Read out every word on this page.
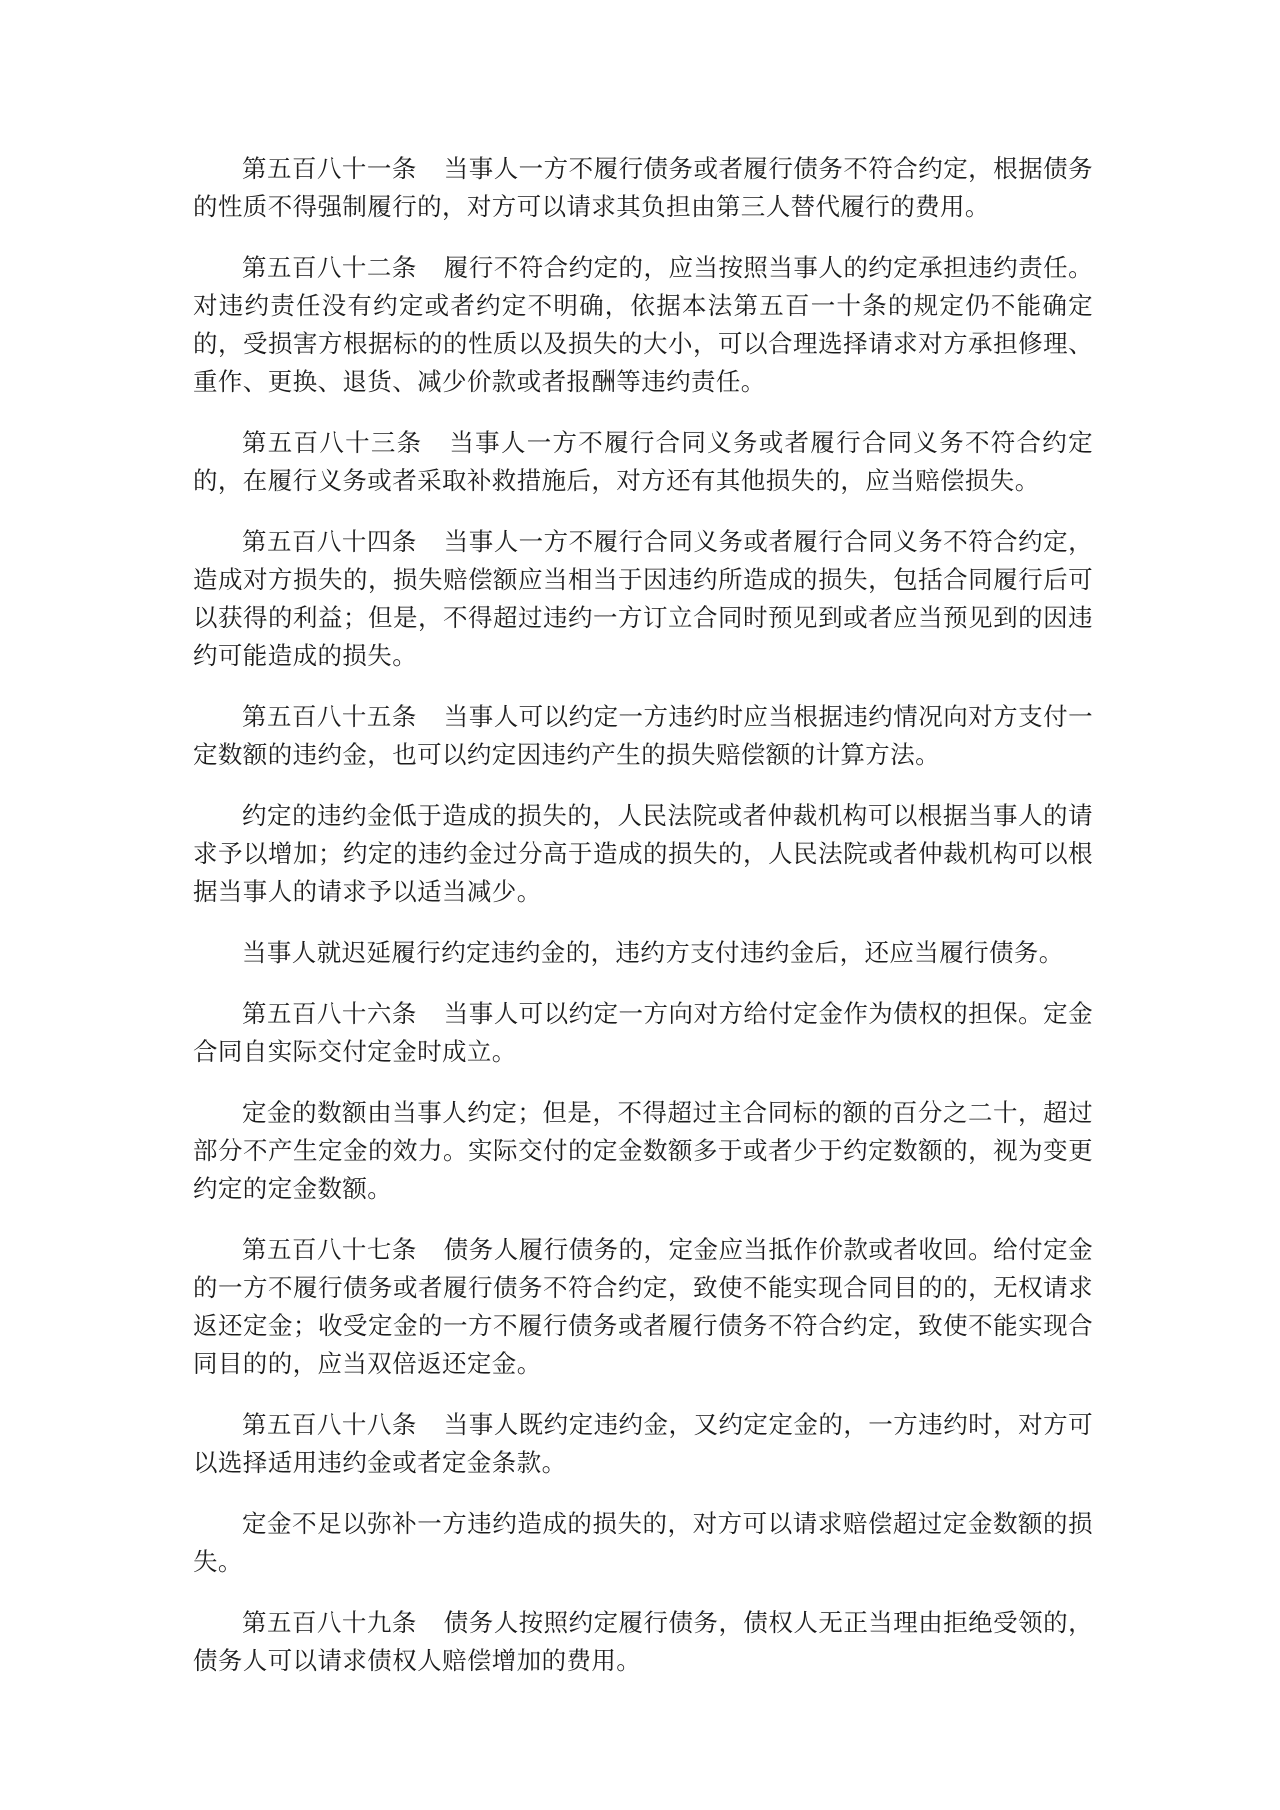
第五百八十一条 当事人一方不履行债务或者履行债务不符合约定，根据债务的性质不得强制履行的，对方可以请求其负担由第三人替代履行的费用。

第五百八十二条 履行不符合约定的，应当按照当事人的约定承担违约责任。对违约责任没有约定或者约定不明确，依据本法第五百一十条的规定仍不能确定的，受损害方根据标的的性质以及损失的大小，可以合理选择请求对方承担修理、重作、更换、退货、减少价款或者报酬等违约责任。

第五百八十三条 当事人一方不履行合同义务或者履行合同义务不符合约定的，在履行义务或者采取补救措施后，对方还有其他损失的，应当赔偿损失。

第五百八十四条 当事人一方不履行合同义务或者履行合同义务不符合约定，造成对方损失的，损失赔偿额应当相当于因违约所造成的损失，包括合同履行后可以获得的利益；但是，不得超过违约一方订立合同时预见到或者应当预见到的因违约可能造成的损失。

第五百八十五条 当事人可以约定一方违约时应当根据违约情况向对方支付一定数额的违约金，也可以约定因违约产生的损失赔偿额的计算方法。

约定的违约金低于造成的损失的，人民法院或者仲裁机构可以根据当事人的请求予以增加；约定的违约金过分高于造成的损失的，人民法院或者仲裁机构可以根据当事人的请求予以适当减少。

当事人就迟延履行约定违约金的，违约方支付违约金后，还应当履行债务。

第五百八十六条 当事人可以约定一方向对方给付定金作为债权的担保。定金合同自实际交付定金时成立。

定金的数额由当事人约定；但是，不得超过主合同标的额的百分之二十，超过部分不产生定金的效力。实际交付的定金数额多于或者少于约定数额的，视为变更约定的定金数额。

第五百八十七条 债务人履行债务的，定金应当抵作价款或者收回。给付定金的一方不履行债务或者履行债务不符合约定，致使不能实现合同目的的，无权请求返还定金；收受定金的一方不履行债务或者履行债务不符合约定，致使不能实现合同目的的，应当双倍返还定金。

第五百八十八条 当事人既约定违约金，又约定定金的，一方违约时，对方可以选择适用违约金或者定金条款。

定金不足以弥补一方违约造成的损失的，对方可以请求赔偿超过定金数额的损失。

第五百八十九条 债务人按照约定履行债务，债权人无正当理由拒绝受领的，债务人可以请求债权人赔偿增加的费用。
